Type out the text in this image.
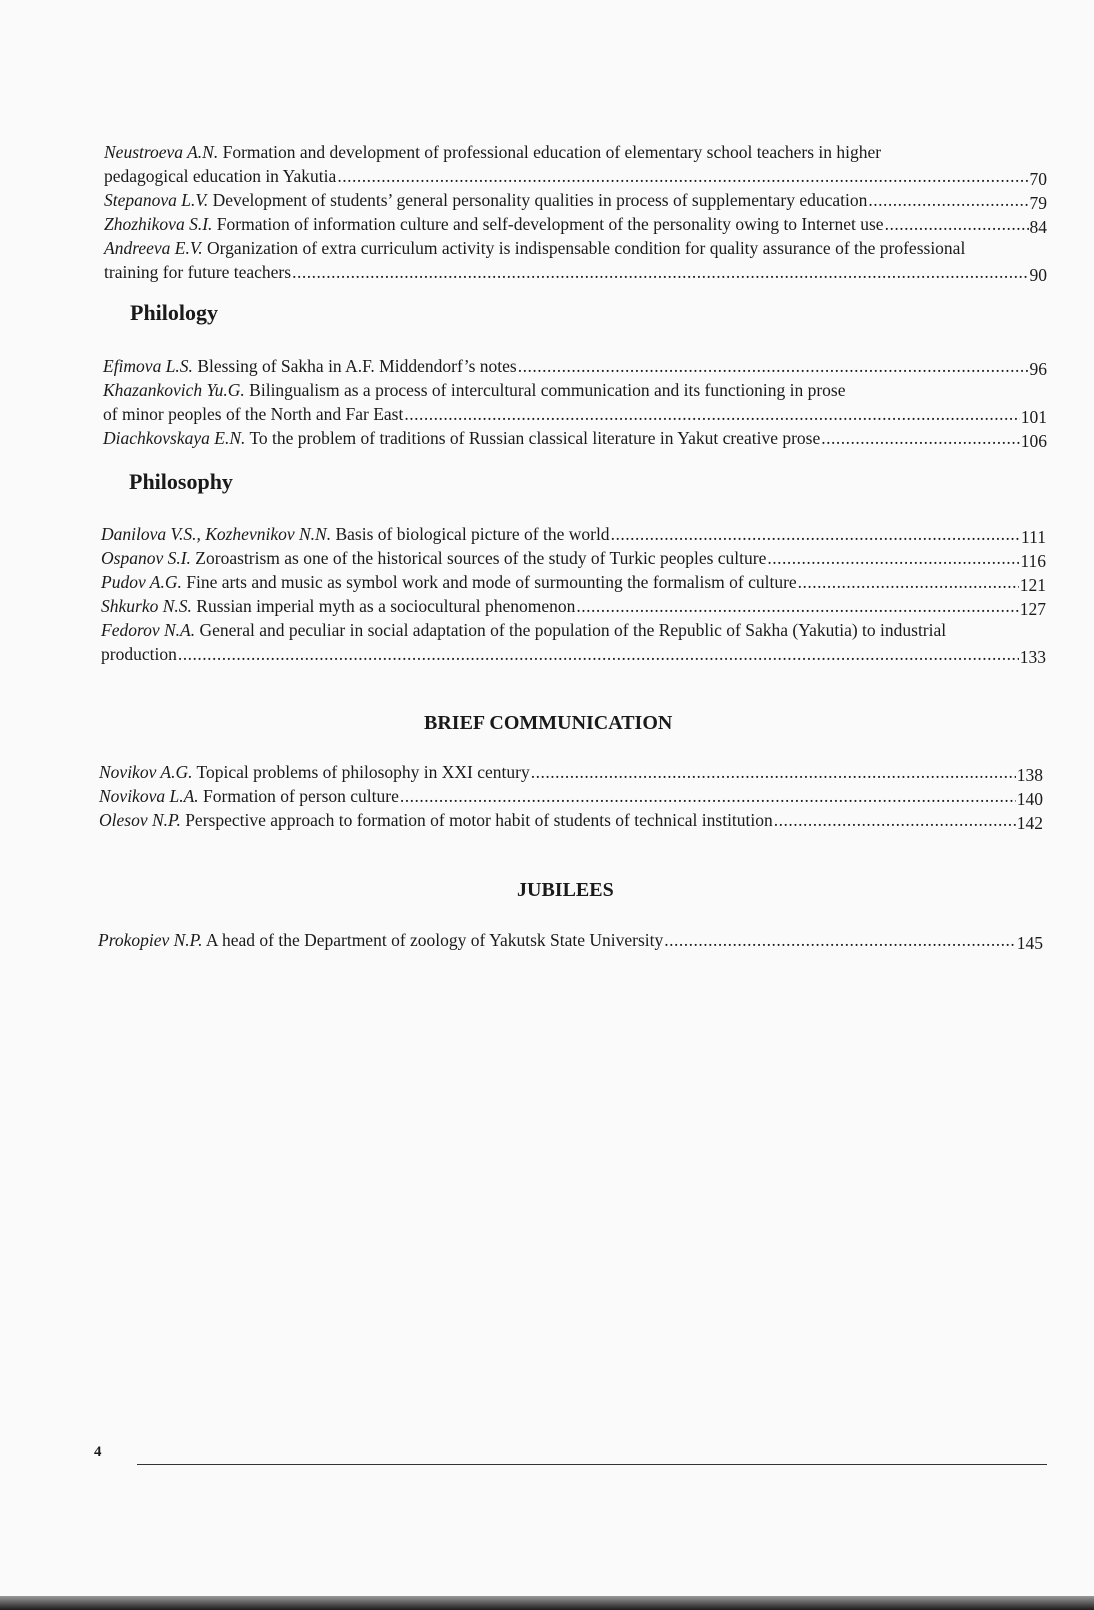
Neustroeva A.N. Formation and development of professional education of elementary school teachers in higher
pedagogical education in Yakutia .....	70
Stepanova L.V. Development of students’ general personality qualities in process of supplementary education .....	79
Zhozhikova S.I. Formation of information culture and self-development of the personality owing to Internet use .....	84
Andreeva E.V. Organization of extra curriculum activity is indispensable condition for quality assurance of the professional
training for future teachers .....	90
Philology
Efimova L.S. Blessing of Sakha in A.F. Middendorf’s notes .....	96
Khazankovich Yu.G. Bilingualism as a process of intercultural communication and its functioning in prose
of minor peoples of the North and Far East .....	101
Diachkovskaya E.N. To the problem of traditions of Russian classical literature in Yakut creative prose .....	106
Philosophy
Danilova V.S., Kozhevnikov N.N. Basis of biological picture of the world .....	111
Ospanov S.I. Zoroastrism as one of the historical sources of the study of Turkic peoples culture .....	116
Pudov A.G. Fine arts and music as symbol work and mode of surmounting the formalism of culture .....	121
Shkurko N.S. Russian imperial myth as a sociocultural phenomenon .....	127
Fedorov N.A. General and peculiar in social adaptation of the population of the Republic of Sakha (Yakutia) to industrial
production .....	133
BRIEF COMMUNICATION
Novikov A.G. Topical problems of philosophy in XXI century .....	138
Novikova L.A. Formation of person culture .....	140
Olesov N.P. Perspective approach to formation of motor habit of students of technical institution .....	142
JUBILEES
Prokopiev N.P. A head of the Department of zoology of Yakutsk State University .....	145
4
